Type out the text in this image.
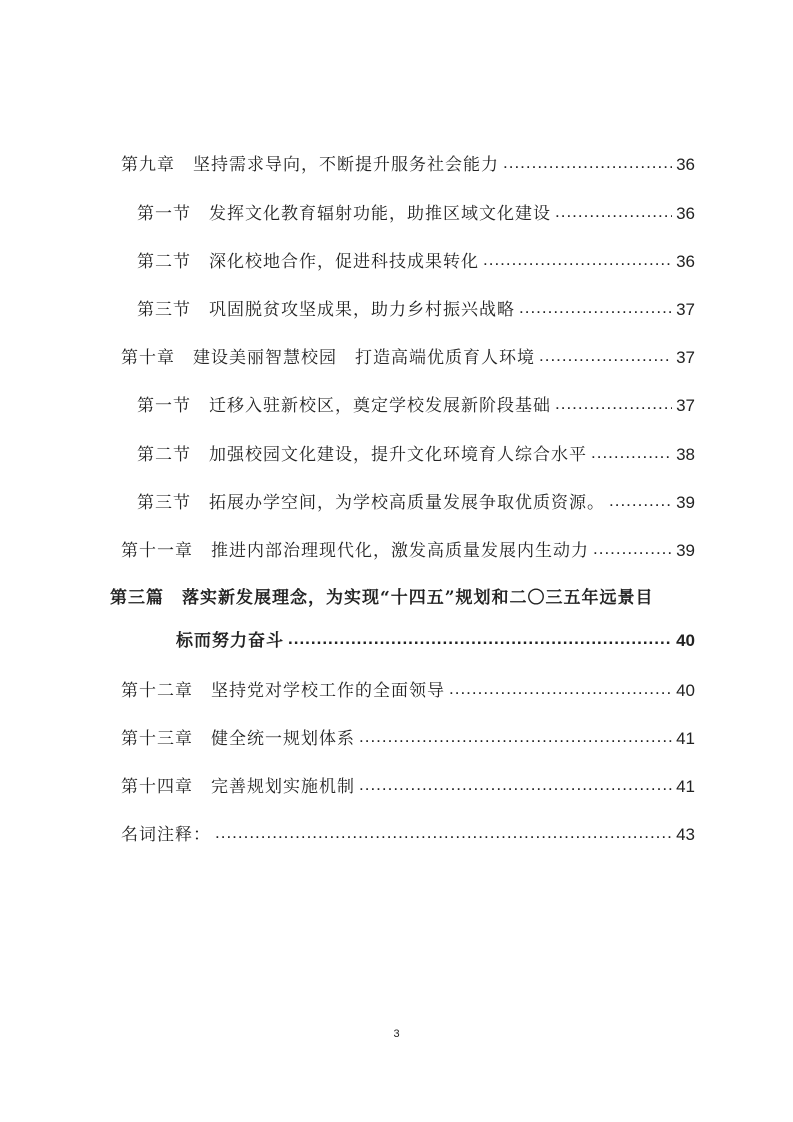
第九章　坚持需求导向，不断提升服务社会能力 .....	36
第一节　发挥文化教育辐射功能，助推区域文化建设 .....	36
第二节　深化校地合作，促进科技成果转化 .....	36
第三节　巩固脱贫攻坚成果，助力乡村振兴战略 .....	37
第十章　建设美丽智慧校园　打造高端优质育人环境 .....	37
第一节　迁移入驻新校区，奠定学校发展新阶段基础 .....	37
第二节　加强校园文化建设，提升文化环境育人综合水平 .....	38
第三节　拓展办学空间，为学校高质量发展争取优质资源。 .....	39
第十一章　推进内部治理现代化，激发高质量发展内生动力 .....	39
第三篇　落实新发展理念，为实现“十四五”规划和二〇三五年远景目
标而努力奋斗 .....	40
第十二章　坚持党对学校工作的全面领导 .....	40
第十三章　健全统一规划体系 .....	41
第十四章　完善规划实施机制 .....	41
名词注释： .....	43
3
